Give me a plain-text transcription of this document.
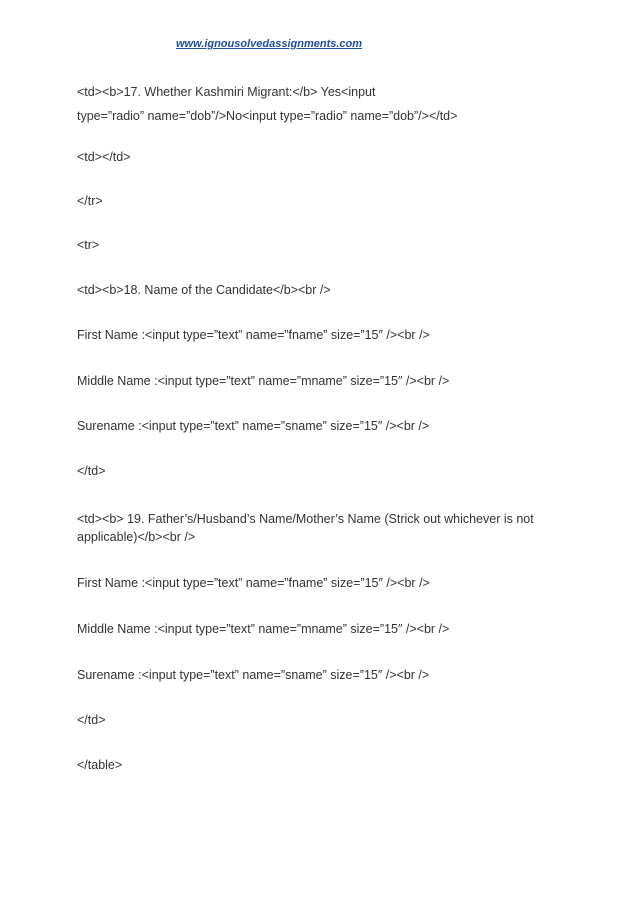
www.ignousolvedassignments.com
<td><b>17. Whether Kashmiri Migrant:</b> Yes<input
type=”radio” name=”dob”/>No<input type=”radio” name=”dob”/></td>
<td></td>
</tr>
<tr>
<td><b>18. Name of the Candidate</b><br />
First Name :<input type=”text” name=”fname” size=”15″ /><br />
Middle Name :<input type=”text” name=”mname” size=”15″ /><br />
Surename :<input type=”text” name=”sname” size=”15″ /><br />
</td>
<td><b> 19. Father’s/Husband’s Name/Mother’s Name (Strick out whichever is not
applicable)</b><br />
First Name :<input type=”text” name=”fname” size=”15″ /><br />
Middle Name :<input type=”text” name=”mname” size=”15″ /><br />
Surename :<input type=”text” name=”sname” size=”15″ /><br />
</td>
</table>
